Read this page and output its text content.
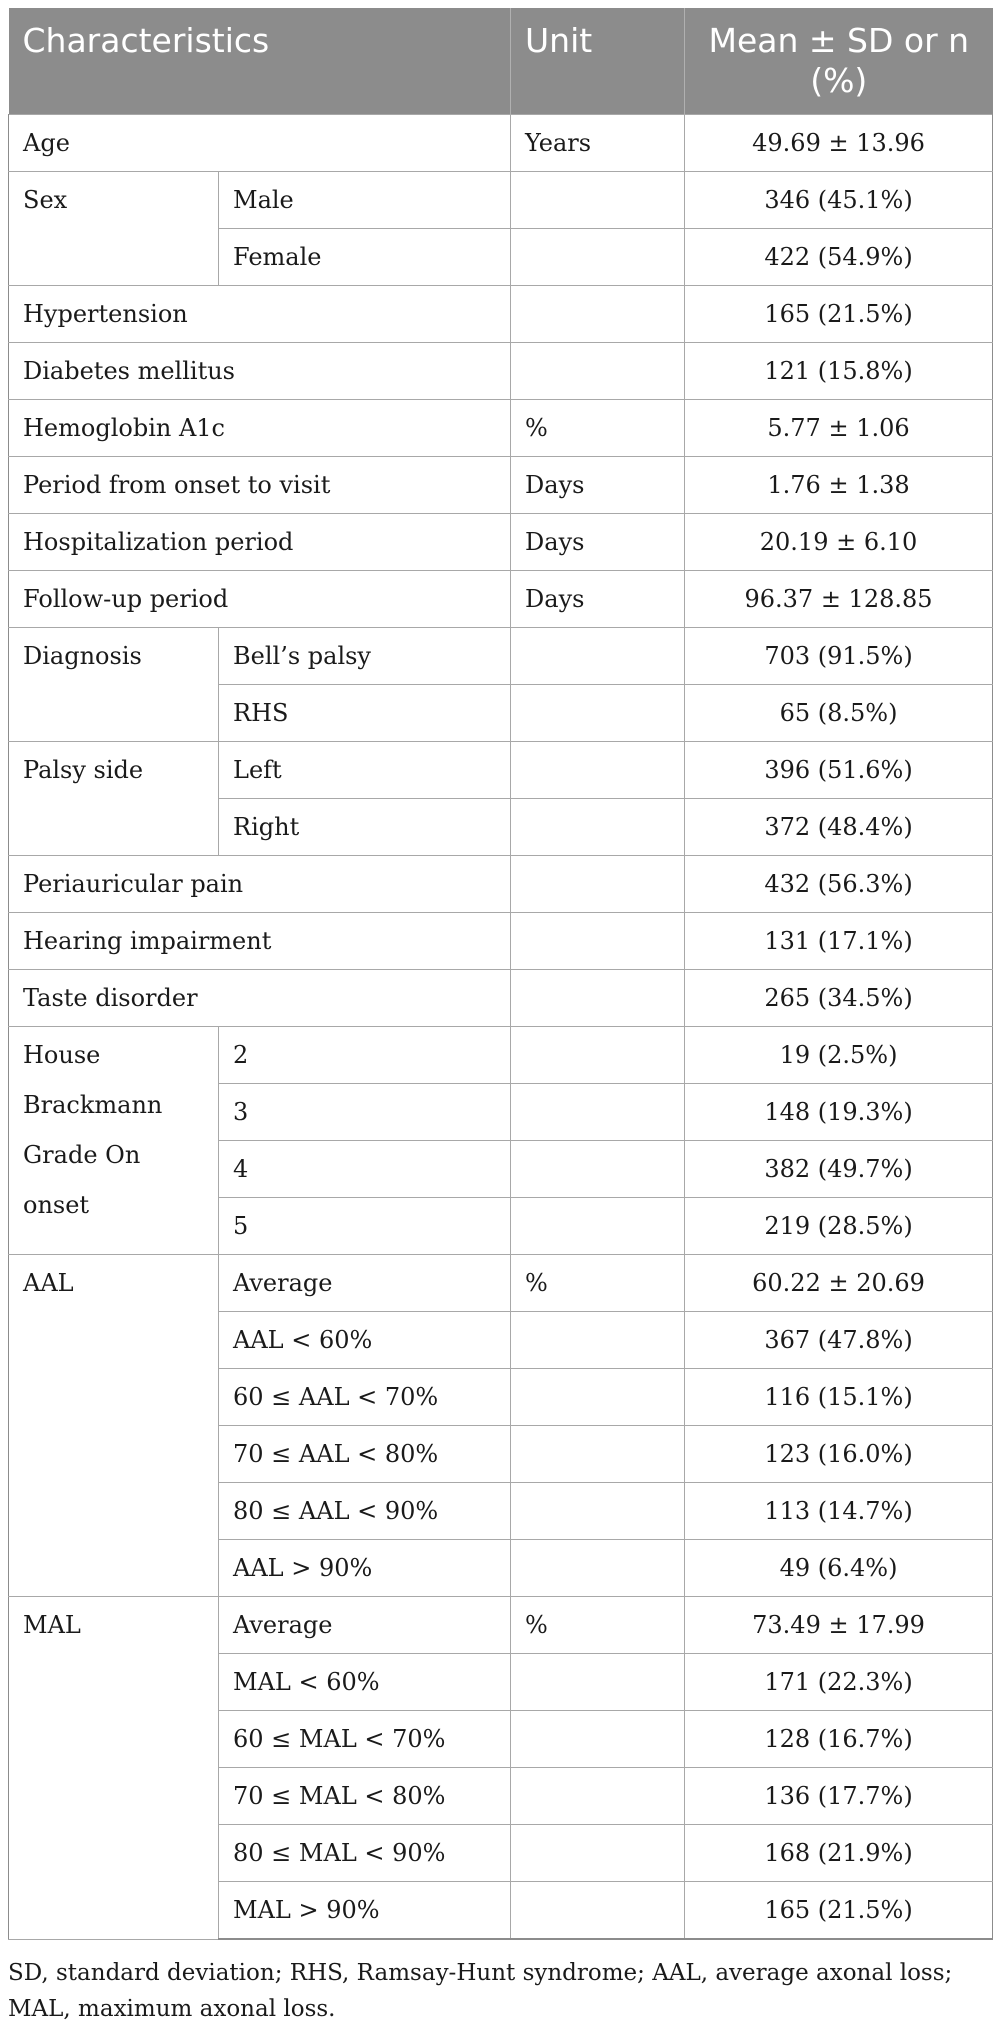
Characteristics		Unit	Mean ± SD or n (%)

Age		Years	49.69 ± 13.96

Sex	Male		346 (45.1%)

	Female		422 (54.9%)

Hypertension			165 (21.5%)

Diabetes mellitus			121 (15.8%)

Hemoglobin A1c		%	5.77 ± 1.06

Period from onset to visit		Days	1.76 ± 1.38

Hospitalization period		Days	20.19 ± 6.10

Follow-up period		Days	96.37 ± 128.85

Diagnosis	Bell’s palsy		703 (91.5%)

	RHS		65 (8.5%)

Palsy side	Left		396 (51.6%)

	Right		372 (48.4%)

Periauricular pain			432 (56.3%)

Hearing impairment			131 (17.1%)

Taste disorder			265 (34.5%)

House Brackmann Grade On onset	2		19 (2.5%)

	3		148 (19.3%)

	4		382 (49.7%)

	5		219 (28.5%)

AAL	Average	%	60.22 ± 20.69

	AAL < 60%		367 (47.8%)

	60 ≤ AAL < 70%		116 (15.1%)

	70 ≤ AAL < 80%		123 (16.0%)

	80 ≤ AAL < 90%		113 (14.7%)

	AAL > 90%		49 (6.4%)

MAL	Average	%	73.49 ± 17.99

	MAL < 60%		171 (22.3%)

	60 ≤ MAL < 70%		128 (16.7%)

	70 ≤ MAL < 80%		136 (17.7%)

	80 ≤ MAL < 90%		168 (21.9%)

	MAL > 90%		165 (21.5%)
SD, standard deviation; RHS, Ramsay-Hunt syndrome; AAL, average axonal loss; MAL, maximum axonal loss.
